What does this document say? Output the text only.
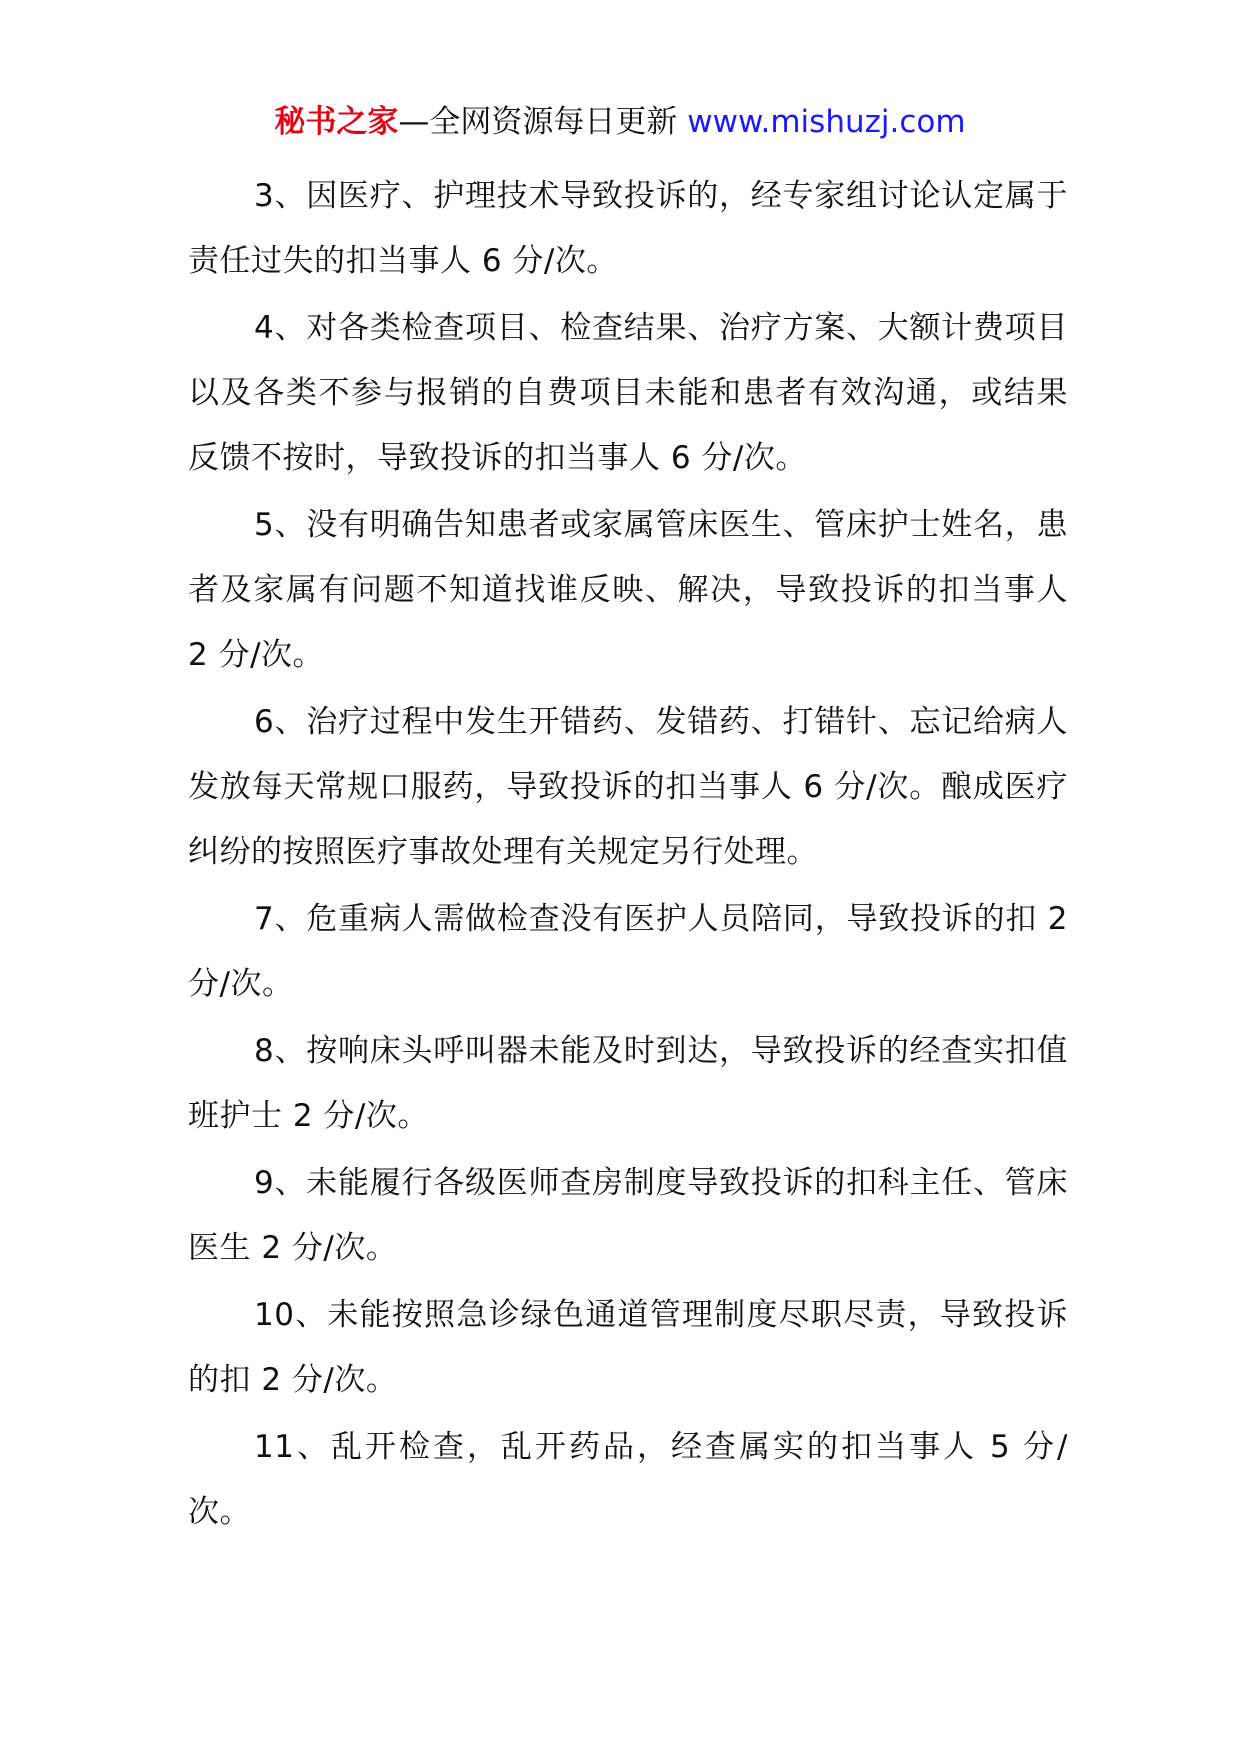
秘书之家—全网资源每日更新 www.mishuzj.com

3、因医疗、护理技术导致投诉的，经专家组讨论认定属于责任过失的扣当事人 6 分/次。

4、对各类检查项目、检查结果、治疗方案、大额计费项目以及各类不参与报销的自费项目未能和患者有效沟通，或结果反馈不按时，导致投诉的扣当事人 6 分/次。

5、没有明确告知患者或家属管床医生、管床护士姓名，患者及家属有问题不知道找谁反映、解决，导致投诉的扣当事人 2 分/次。

6、治疗过程中发生开错药、发错药、打错针、忘记给病人发放每天常规口服药，导致投诉的扣当事人 6 分/次。酿成医疗纠纷的按照医疗事故处理有关规定另行处理。

7、危重病人需做检查没有医护人员陪同，导致投诉的扣 2 分/次。

8、按响床头呼叫器未能及时到达，导致投诉的经查实扣值班护士 2 分/次。

9、未能履行各级医师查房制度导致投诉的扣科主任、管床医生 2 分/次。

10、未能按照急诊绿色通道管理制度尽职尽责，导致投诉的扣 2 分/次。

11、乱开检查，乱开药品，经查属实的扣当事人 5 分/次。
